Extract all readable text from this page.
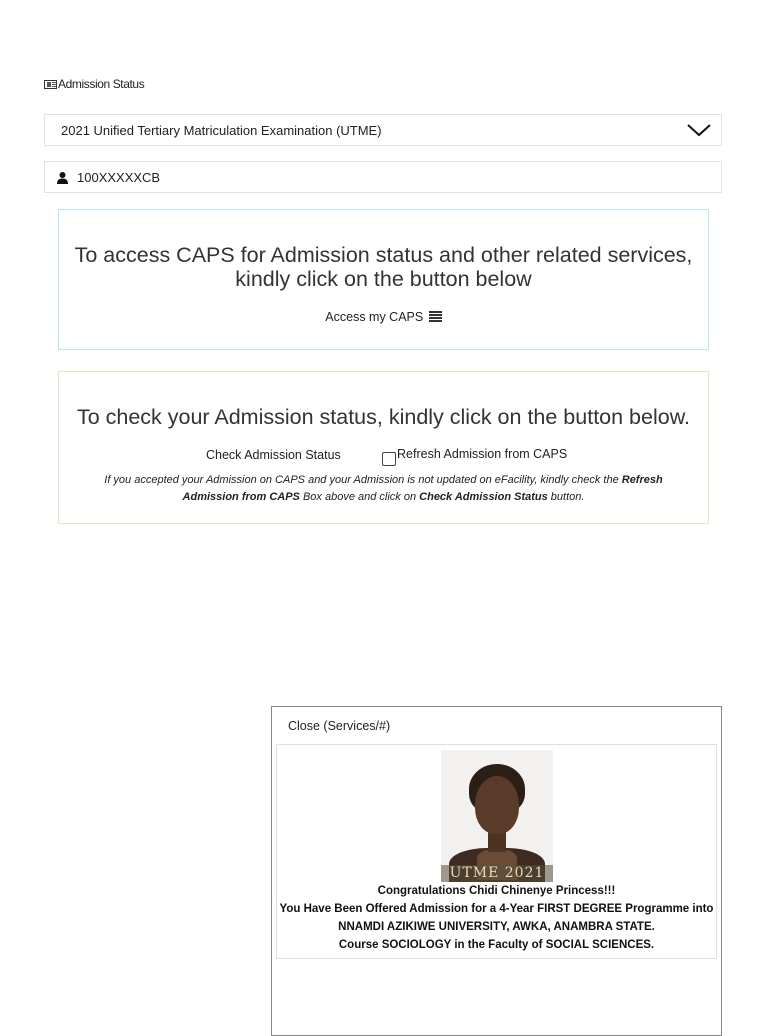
Admission Status
2021 Unified Tertiary Matriculation Examination (UTME)
100XXXXXCB
To access CAPS for Admission status and other related services, kindly click on the button below
Access my CAPS
To check your Admission status, kindly click on the button below.
Check Admission Status	Refresh Admission from CAPS
If you accepted your Admission on CAPS and your Admission is not updated on eFacility, kindly check the Refresh Admission from CAPS Box above and click on Check Admission Status button.
Close (Services/#)
UTME 2021
Congratulations Chidi Chinenye Princess!!!
You Have Been Offered Admission for a 4-Year FIRST DEGREE Programme into
NNAMDI AZIKIWE UNIVERSITY, AWKA, ANAMBRA STATE.
Course SOCIOLOGY in the Faculty of SOCIAL SCIENCES.
